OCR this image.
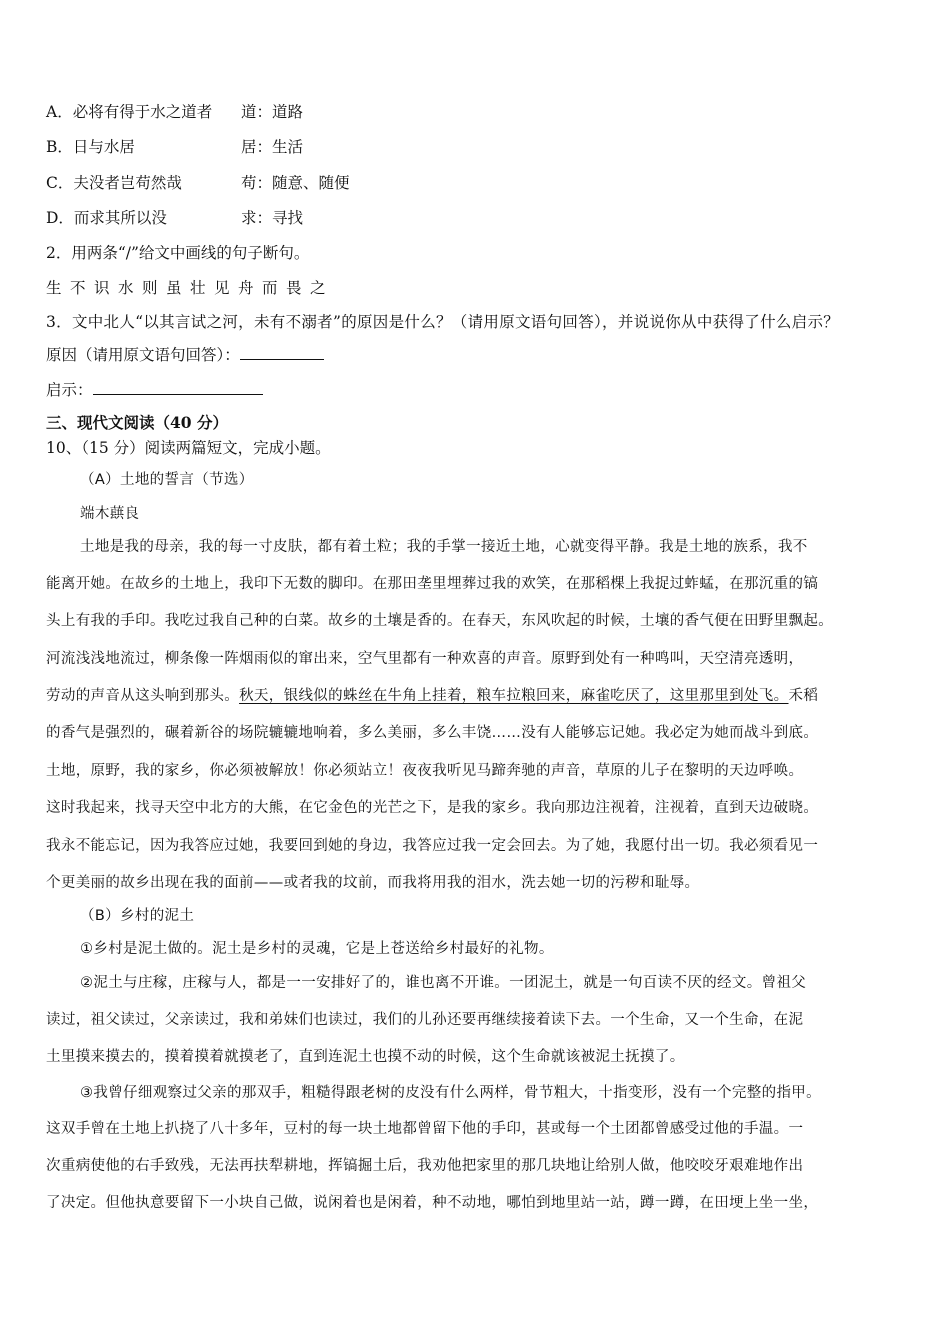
A．必将有得于水之道者 道：道路
B．日与水居	居：生活
C．夫没者岂苟然哉	苟：随意、随便
D．而求其所以没	求：寻找
2．用两条“/”给文中画线的句子断句。
生不识水则虽壮见舟而畏之
3．文中北人“以其言试之河，未有不溺者”的原因是什么？（请用原文语句回答），并说说你从中获得了什么启示？
原因（请用原文语句回答）：
启示：
三、现代文阅读（40 分）
10、（15 分）阅读两篇短文，完成小题。
（A）土地的誓言（节选）
端木蕻良
土地是我的母亲，我的每一寸皮肤，都有着土粒；我的手掌一接近土地，心就变得平静。我是土地的族系，我不
能离开她。在故乡的土地上，我印下无数的脚印。在那田垄里埋葬过我的欢笑，在那稻棵上我捉过蚱蜢，在那沉重的镐
头上有我的手印。我吃过我自己种的白菜。故乡的土壤是香的。在春天，东风吹起的时候，土壤的香气便在田野里飘起。
河流浅浅地流过，柳条像一阵烟雨似的窜出来，空气里都有一种欢喜的声音。原野到处有一种鸣叫，天空清亮透明，
劳动的声音从这头响到那头。秋天，银线似的蛛丝在牛角上挂着，粮车拉粮回来，麻雀吃厌了，这里那里到处飞。禾稻
的香气是强烈的，碾着新谷的场院辘辘地响着，多么美丽，多么丰饶……没有人能够忘记她。我必定为她而战斗到底。
土地，原野，我的家乡，你必须被解放！你必须站立！夜夜我听见马蹄奔驰的声音，草原的儿子在黎明的天边呼唤。
这时我起来，找寻天空中北方的大熊，在它金色的光芒之下，是我的家乡。我向那边注视着，注视着，直到天边破晓。
我永不能忘记，因为我答应过她，我要回到她的身边，我答应过我一定会回去。为了她，我愿付出一切。我必须看见一
个更美丽的故乡出现在我的面前——或者我的坟前，而我将用我的泪水，洗去她一切的污秽和耻辱。
（B）乡村的泥土
①乡村是泥土做的。泥土是乡村的灵魂，它是上苍送给乡村最好的礼物。
②泥土与庄稼，庄稼与人，都是一一安排好了的，谁也离不开谁。一团泥土，就是一句百读不厌的经文。曾祖父
读过，祖父读过，父亲读过，我和弟妹们也读过，我们的儿孙还要再继续接着读下去。一个生命，又一个生命，在泥
土里摸来摸去的，摸着摸着就摸老了，直到连泥土也摸不动的时候，这个生命就该被泥土抚摸了。
③我曾仔细观察过父亲的那双手，粗糙得跟老树的皮没有什么两样，骨节粗大，十指变形，没有一个完整的指甲。
这双手曾在土地上扒挠了八十多年，豆村的每一块土地都曾留下他的手印，甚或每一个土团都曾感受过他的手温。一
次重病使他的右手致残，无法再扶犁耕地，挥镐掘土后，我劝他把家里的那几块地让给别人做，他咬咬牙艰难地作出
了决定。但他执意要留下一小块自己做，说闲着也是闲着，种不动地，哪怕到地里站一站，蹲一蹲，在田埂上坐一坐，
